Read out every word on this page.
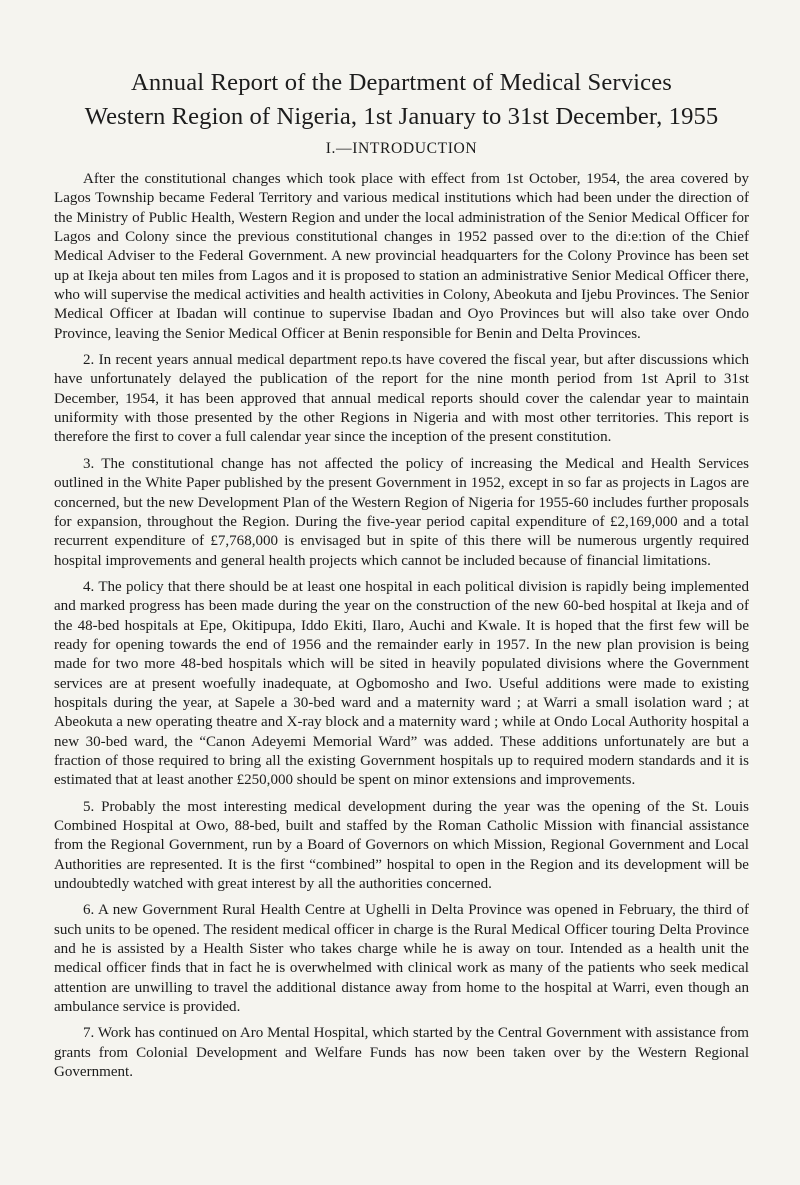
Annual Report of the Department of Medical Services
Western Region of Nigeria, 1st January to 31st December, 1955
I.—INTRODUCTION

After the constitutional changes which took place with effect from 1st October, 1954, the area covered by Lagos Township became Federal Territory and various medical institutions which had been under the direction of the Ministry of Public Health, Western Region and under the local administration of the Senior Medical Officer for Lagos and Colony since the previous constitutional changes in 1952 passed over to the di:e:tion of the Chief Medical Adviser to the Federal Government. A new provincial headquarters for the Colony Province has been set up at Ikeja about ten miles from Lagos and it is proposed to station an administrative Senior Medical Officer there, who will supervise the medical activities and health activities in Colony, Abeokuta and Ijebu Provinces. The Senior Medical Officer at Ibadan will continue to supervise Ibadan and Oyo Provinces but will also take over Ondo Province, leaving the Senior Medical Officer at Benin responsible for Benin and Delta Provinces.

2. In recent years annual medical department repo.ts have covered the fiscal year, but after discussions which have unfortunately delayed the publication of the report for the nine month period from 1st April to 31st December, 1954, it has been approved that annual medical reports should cover the calendar year to maintain uniformity with those presented by the other Regions in Nigeria and with most other territories. This report is therefore the first to cover a full calendar year since the inception of the present constitution.

3. The constitutional change has not affected the policy of increasing the Medical and Health Services outlined in the White Paper published by the present Government in 1952, except in so far as projects in Lagos are concerned, but the new Development Plan of the Western Region of Nigeria for 1955-60 includes further proposals for expansion, throughout the Region. During the five-year period capital expenditure of £2,169,000 and a total recurrent expenditure of £7,768,000 is envisaged but in spite of this there will be numerous urgently required hospital improvements and general health projects which cannot be included because of financial limitations.

4. The policy that there should be at least one hospital in each political division is rapidly being implemented and marked progress has been made during the year on the construction of the new 60-bed hospital at Ikeja and of the 48-bed hospitals at Epe, Okitipupa, Iddo Ekiti, Ilaro, Auchi and Kwale. It is hoped that the first few will be ready for opening towards the end of 1956 and the remainder early in 1957. In the new plan provision is being made for two more 48-bed hospitals which will be sited in heavily populated divisions where the Government services are at present woefully inadequate, at Ogbomosho and Iwo. Useful additions were made to existing hospitals during the year, at Sapele a 30-bed ward and a maternity ward ; at Warri a small isolation ward ; at Abeokuta a new operating theatre and X-ray block and a maternity ward ; while at Ondo Local Authority hospital a new 30-bed ward, the “Canon Adeyemi Memorial Ward” was added. These additions unfortunately are but a fraction of those required to bring all the existing Government hospitals up to required modern standards and it is estimated that at least another £250,000 should be spent on minor extensions and improvements.

5. Probably the most interesting medical development during the year was the opening of the St. Louis Combined Hospital at Owo, 88-bed, built and staffed by the Roman Catholic Mission with financial assistance from the Regional Government, run by a Board of Governors on which Mission, Regional Government and Local Authorities are represented. It is the first “combined” hospital to open in the Region and its development will be undoubtedly watched with great interest by all the authorities concerned.

6. A new Government Rural Health Centre at Ughelli in Delta Province was opened in February, the third of such units to be opened. The resident medical officer in charge is the Rural Medical Officer touring Delta Province and he is assisted by a Health Sister who takes charge while he is away on tour. Intended as a health unit the medical officer finds that in fact he is overwhelmed with clinical work as many of the patients who seek medical attention are unwilling to travel the additional distance away from home to the hospital at Warri, even though an ambulance service is provided.

7. Work has continued on Aro Mental Hospital, which started by the Central Government with assistance from grants from Colonial Development and Welfare Funds has now been taken over by the Western Regional Government.
